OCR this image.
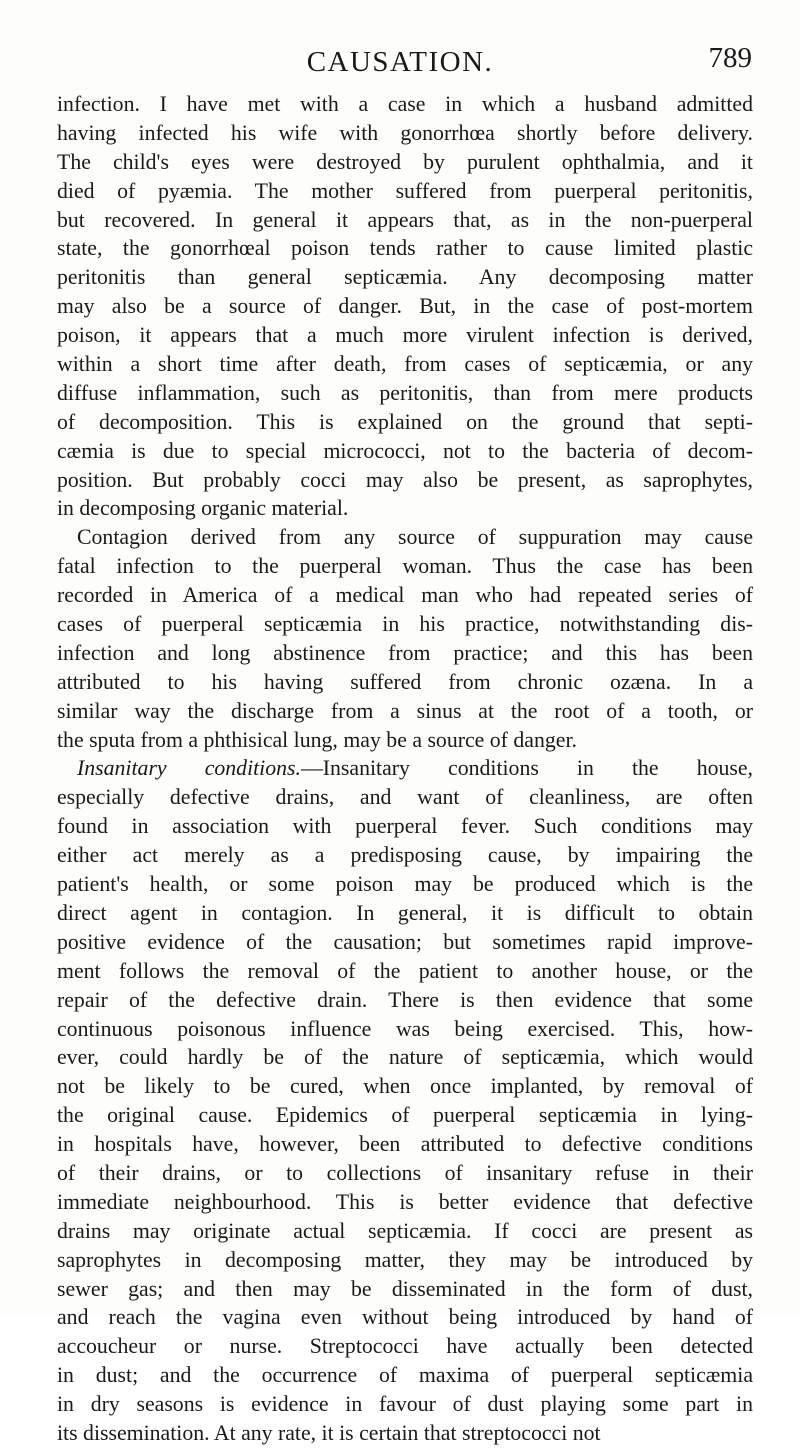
CAUSATION.	789
infection. I have met with a case in which a husband admitted
having infected his wife with gonorrhœa shortly before delivery.
The child's eyes were destroyed by purulent ophthalmia, and it
died of pyæmia. The mother suffered from puerperal peritonitis,
but recovered. In general it appears that, as in the non-puerperal
state, the gonorrhœal poison tends rather to cause limited plastic
peritonitis than general septicæmia. Any decomposing matter
may also be a source of danger. But, in the case of post-mortem
poison, it appears that a much more virulent infection is derived,
within a short time after death, from cases of septicæmia, or any
diffuse inflammation, such as peritonitis, than from mere products
of decomposition. This is explained on the ground that septi-
cæmia is due to special micrococci, not to the bacteria of decom-
position. But probably cocci may also be present, as saprophytes,
in decomposing organic material.
Contagion derived from any source of suppuration may cause
fatal infection to the puerperal woman. Thus the case has been
recorded in America of a medical man who had repeated series of
cases of puerperal septicæmia in his practice, notwithstanding dis-
infection and long abstinence from practice; and this has been
attributed to his having suffered from chronic ozæna. In a
similar way the discharge from a sinus at the root of a tooth, or
the sputa from a phthisical lung, may be a source of danger.
Insanitary conditions.—Insanitary conditions in the house,
especially defective drains, and want of cleanliness, are often
found in association with puerperal fever. Such conditions may
either act merely as a predisposing cause, by impairing the
patient's health, or some poison may be produced which is the
direct agent in contagion. In general, it is difficult to obtain
positive evidence of the causation; but sometimes rapid improve-
ment follows the removal of the patient to another house, or the
repair of the defective drain. There is then evidence that some
continuous poisonous influence was being exercised. This, how-
ever, could hardly be of the nature of septicæmia, which would
not be likely to be cured, when once implanted, by removal of
the original cause. Epidemics of puerperal septicæmia in lying-
in hospitals have, however, been attributed to defective conditions
of their drains, or to collections of insanitary refuse in their
immediate neighbourhood. This is better evidence that defective
drains may originate actual septicæmia. If cocci are present as
saprophytes in decomposing matter, they may be introduced by
sewer gas; and then may be disseminated in the form of dust,
and reach the vagina even without being introduced by hand of
accoucheur or nurse. Streptococci have actually been detected
in dust; and the occurrence of maxima of puerperal septicæmia
in dry seasons is evidence in favour of dust playing some part in
its dissemination. At any rate, it is certain that streptococci not
